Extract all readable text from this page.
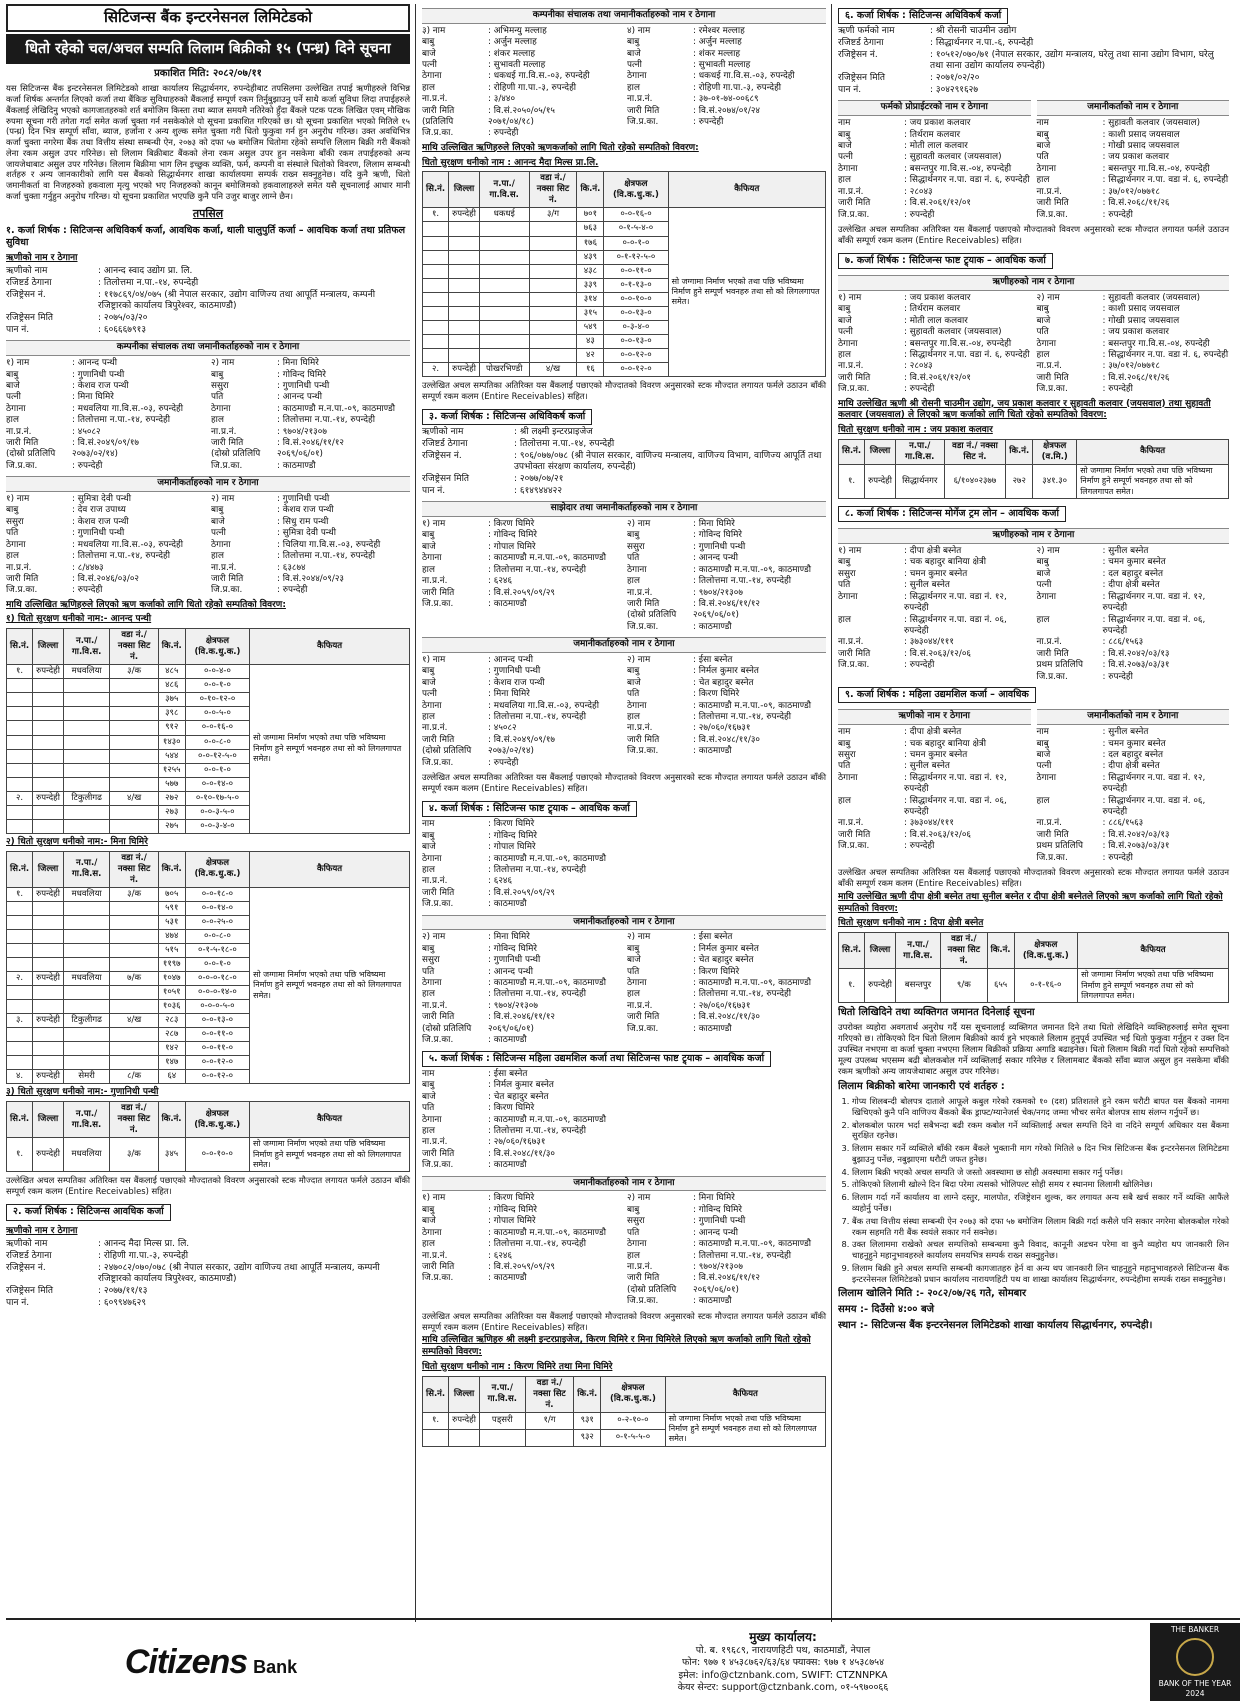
सिटिजन्स बैंक इन्टरनेसनल लिमिटेडको
धितो रहेको चल/अचल सम्पति लिलाम बिक्रीको १५ (पन्ध्र) दिने सूचना
प्रकाशित मिति: २०८२/०७/११
यस सिटिजन्स बैंक इन्टरनेसनल लिमिटेडको शाखा कार्यालय सिद्धार्थनगर, रुपन्देहीबाट तपसिलमा उल्लेखित तपाई ऋणीहरुले विभिन्न कर्जा शिर्षक अन्तर्गत लिएको कर्जा तथा बैंकिङ सुविधाहरुको बैंकलाई सम्पूर्ण रकम तिर्नुबुझाउनु पर्ने साथै कर्जा सुविधा लिदा तपाईहरुले बैंकलाई लेखिदिनु भएको कागजातहरुको शर्त बमोजिम किस्ता तथा ब्याज समयमै नतिरेको हुँदा बैंकले पटक पटक लिखित एवम् मौखिक रुपमा सूचना गरी तगेता गर्दा समेत कर्जा चुक्ता गर्न नसकेकोले यो सूचना प्रकाशित गरिएको छ। यो सूचना प्रकाशित भएको मितिले १५ (पन्ध्र) दिन भित्र सम्पूर्ण साँवा, ब्याज, हर्जाना र अन्य शुल्क समेत चुक्ता गरी धितो फुकुवा गर्न हुन अनुरोध गरिन्छ। उक्त अवधिभित्र कर्जा चुक्ता नगरेमा बैंक तथा वित्तीय संस्था सम्बन्धी ऐन, २०७३ को दफा ५७ बमोजिम धितोमा रहेको सम्पत्ति लिलाम बिक्री गरी बैंकको लेना रकम असुल उपर गरिनेछ। सो लिलाम बिक्रीबाट बैंकको लेना रकम असुल उपर हुन नसकेमा बाँकी रकम तपाईहरुको अन्य जायजेथाबाट असुल उपर गरिनेछ। लिलाम बिक्रीमा भाग लिन इच्छुक व्यक्ति, फर्म, कम्पनी वा संस्थाले धितोको विवरण, लिलाम सम्बन्धी शर्तहरु र अन्य जानकारीको लागि यस बैंकको सिद्धार्थनगर शाखा कार्यालयमा सम्पर्क राख्न सक्नुहुनेछ। यदि कुनै ऋणी, धितो जमानीकर्ता वा निजहरुको हकवाला मृत्यु भएको भए निजहरुको कानून बमोजिमको हकवालाहरुले समेत यसै सूचनालाई आधार मानी कर्जा चुक्ता गर्नुहुन अनुरोध गरिन्छ। यो सूचना प्रकाशित भएपछि कुनै पनि उजुर बाजुर लाग्ने छैन।
तपसिल
१. कर्जा शिर्षक : सिटिजन्स अधिविकर्ष कर्जा, आवधिक कर्जा, थाली घालुपुर्ति कर्जा – आवधिक कर्जा तथा प्रतिफल सुविधा
ऋणीको नाम र ठेगाना
ऋणीको नाम	: आनन्द स्वाद उद्योग प्रा. लि.
रजिष्टर्ड ठेगाना	: तिलोत्तमा न.पा.-१४, रुपन्देही
रजिष्ट्रेसन नं.	: ११७८६९/०४/०७५ (श्री नेपाल सरकार, उद्योग वाणिज्य तथा आपूर्ति मन्त्रालय, कम्पनी रजिष्ट्रारको कार्यालय त्रिपुरेश्वर, काठमाण्डौ)
रजिष्ट्रेसन मिति	: २०७५/०३/२०
पान नं.	: ६०६६६७९१३
कम्पनीका संचालक तथा जमानीकर्ताहरुको नाम र ठेगाना
१) नाम	: आनन्द पन्थी
बाबु	: गुणानिधी पन्थी
बाजे	: केशव राज पन्थी
पत्नी	: मिना घिमिरे
ठेगाना	: मधवलिया गा.वि.स.-०३, रुपन्देही
हाल	: तिलोत्तमा न.पा.-१४, रुपन्देही
ना.प्र.नं.	: ४५०८२
जारी मिति	: वि.सं.२०४९/०९/१७
(दोस्रो प्रतिलिपि	२०७३/०२/१४)
जि.प्र.का.	: रुपन्देही
२) नाम	: मिना घिमिरे
बाबु	: गोविन्द घिमिरे
ससुरा	: गुणानिधी पन्थी
पति	: आनन्द पन्थी
ठेगाना	: काठमाण्डौ म.न.पा.-०९, काठमाण्डौ
हाल	: तिलोत्तमा न.पा.-१४, रुपन्देही
ना.प्र.नं.	: ९७०४/२१३०७
जारी मिति	: वि.सं.२०४६/११/१२
(दोस्रो प्रतिलिपि	२०६९/०६/०१)
जि.प्र.का.	: काठमाण्डौ
जमानीकर्ताहरुको नाम र ठेगाना
१) नाम	: सुमित्रा देवी पन्थी
बाबु	: देव राज उपाध्य
ससुरा	: केशव राज पन्थी
पति	: गुणानिधी पन्थी
ठेगाना	: मधवलिया गा.वि.स.-०३, रुपन्देही
हाल	: तिलोत्तमा न.पा.-१४, रुपन्देही
ना.प्र.नं.	: ८/४४७३
जारी मिति	: वि.सं.२०४६/०३/०२
जि.प्र.का.	: रुपन्देही
२) नाम	: गुणानिधी पन्थी
बाबु	: केशव राज पन्थी
बाजे	: सिधु राम पन्थी
पत्नी	: सुमित्रा देवी पन्थी
ठेगाना	: चिलिया गा.वि.स.-०३, रुपन्देही
हाल	: तिलोत्तमा न.पा.-१४, रुपन्देही
ना.प्र.नं.	: ६३८७४
जारी मिति	: वि.सं.२०४४/०९/२३
जि.प्र.का.	: रुपन्देही
माथि उल्लिखित ऋणिहरुले लिएको ऋण कर्जाको लागि धितो रहेको सम्पतिको विवरण:
१) धितो सुरक्षण धनीको नाम:- आनन्द पन्थी
सि.नं.	जिल्ला	न.पा./गा.वि.स.	वडा नं./ नक्सा सिट नं.	कि.नं.	क्षेत्रफल (वि.क.धु.क.)	कैफियत
१.	रुपन्देही	मधवलिया	३/क	४८५	०-०-४-०	सो जग्गामा निर्माण भएको तथा पछि भविष्यमा निर्माण हुने सम्पूर्ण भवनहरु तथा सो को लिगलगापत समेत।
				४८६	०-०-१-०	
				३७५	०-१०-१२-०	
				३९८	०-०-५-०	
				९१२	०-०-१६-०	
				१४३०	०-०-८-०	
				५४४	०-०-१२-५-०	
				१२५५	०-०-१-०	
				५७७	०-०-१४-०	
२.	रुपन्देही	टिकुलीगढ	४/ख	२७२	०-१०-१७-५-०	
				२७३	०-०-३-५-०	
				२७५	०-०-३-४-०	
२) धितो सुरक्षण धनीको नाम:- मिना घिमिरे
सि.नं.	जिल्ला	न.पा./गा.वि.स.	वडा नं./ नक्सा सिट नं.	कि.नं.	क्षेत्रफल (वि.क.धु.क.)	कैफियत
१.	रुपन्देही	मधवलिया	३/क	७०५	०-०-१८-०	सो जग्गामा निर्माण भएको तथा पछि भविष्यमा निर्माण हुने सम्पूर्ण भवनहरु तथा सो को लिगलगापत समेत।
				५९१	०-०-१४-०	
				५३१	०-०-२५-०	
				४७४	०-०-८-०	
				५१५	०-१-५-१८-०	
				११९७	०-०-१-०	
२.	रुपन्देही	मधवलिया	७/क	१०४७	०-०-०-१८-०	
				१०५१	०-०-०-१४-०	
				१०३६	०-०-०-५-०	
३.	रुपन्देही	टिकुलीगढ	४/ख	२८३	०-०-१३-०	
				२८७	०-०-११-०	
				१४२	०-०-११-०	
				१४७	०-०-१२-०	
४.	रुपन्देही	सेमरी	८/क	६४	०-०-१२-०	
३) धितो सुरक्षण धनीको नाम:- गुणानिधी पन्थी
सि.नं.	जिल्ला	न.पा./गा.वि.स.	वडा नं./ नक्सा सिट नं.	कि.नं.	क्षेत्रफल (वि.क.धु.क.)	कैफियत
१.	रुपन्देही	मधवलिया	३/क	३४५	०-०-१०-०	सो जग्गामा निर्माण भएको तथा पछि भविष्यमा निर्माण हुने सम्पूर्ण भवनहरु तथा सो को लिगलगापत समेत।
उल्लेखित अचल सम्पतिका अतिरिक्त यस बैंकलाई पछाएको मौज्दातको विवरण अनुसारको स्टक मौज्दात लगायत फर्मले उठाउन बाँकी सम्पूर्ण रकम कलम (Entire Receivables) सहित।
२. कर्जा शिर्षक : सिटिजन्स आवधिक कर्जा
ऋणीको नाम र ठेगाना
ऋणीको नाम	: आनन्द मैदा मिल्स प्रा. लि.
रजिष्टर्ड ठेगाना	: रोहिणी गा.पा.-३, रुपन्देही
रजिष्ट्रेसन नं.	: २४७०८२/०७०/०७८ (श्री नेपाल सरकार, उद्योग वाणिज्य तथा आपूर्ति मन्त्रालय, कम्पनी रजिष्ट्रारको कार्यालय त्रिपुरेश्वर, काठमाण्डौ)
रजिष्ट्रेसन मिति	: २०७७/११/१३
पान नं.	: ६०९९४७६२९
कम्पनीका संचालक तथा जमानीकर्ताहरुको नाम र ठेगाना
३) नाम	: अभिमन्यु मल्लाह
बाबु	: अर्जुन मल्लाह
बाजे	: शंकर मल्लाह
पत्नी	: सुभावती मल्लाह
ठेगाना	: धकधई गा.वि.स.-०३, रुपन्देही
हाल	: रोहिणी गा.पा.-३, रुपन्देही
ना.प्र.नं.	: ३/४४०
जारी मिति	: वि.सं.२०५०/०५/१५
(प्रतिलिपि	२०७१/०४/१८)
जि.प्र.का.	: रुपन्देही
४) नाम	: रमेश्वर मल्लाह
बाबु	: अर्जुन मल्लाह
बाजे	: शंकर मल्लाह
पत्नी	: सुभावती मल्लाह
ठेगाना	: धकधई गा.वि.स.-०३, रुपन्देही
हाल	: रोहिणी गा.पा.-३, रुपन्देही
ना.प्र.नं.	: ३७-०१-७४-००६८९
जारी मिति	: वि.सं.२०७४/०१/२४
जि.प्र.का.	: रुपन्देही
माथि उल्लिखित ऋणिहरुले लिएको ऋणकर्जाको लागि धितो रहेको सम्पतिको विवरण:
धितो सुरक्षण धनीको नाम : आनन्द मैदा मिल्स प्रा.लि.
सि.नं.	जिल्ला	न.पा./गा.वि.स.	वडा नं./ नक्सा सिट नं.	कि.नं.	क्षेत्रफल (वि.क.धु.क.)	कैफियत
१.	रुपन्देही	धकधई	३/ग	७०१	०-०-१६-०	सो जग्गामा निर्माण भएको तथा पछि भविष्यमा निर्माण हुने सम्पूर्ण भवनहरु तथा सो को लिगलगापत समेत।
				७६३	०-१-५-४-०	
				१७६	०-०-१-०	
				४३९	०-१-१२-५-०	
				४३८	०-०-११-०	
				३३९	०-१-१३-०	
				३१४	०-०-१०-०	
				३१५	०-०-१३-०	
				५४९	०-३-४-०	
				४३	०-०-१३-०	
				४२	०-०-१२-०	
२.	रुपन्देही	पोखरभिण्डी	४/ख	१६	०-०-१२-०	
उल्लेखित अचल सम्पतिका अतिरिक्त यस बैंकलाई पछाएको मौज्दातको विवरण अनुसारको स्टक मौज्दात लगायत फर्मले उठाउन बाँकी सम्पूर्ण रकम कलम (Entire Receivables) सहित।
३. कर्जा शिर्षक : सिटिजन्स अधिविकर्ष कर्जा
ऋणीको नाम	: श्री लक्ष्मी इन्टरप्राइजेज
रजिष्टर्ड ठेगाना	: तिलोत्तमा न.पा.-१४, रुपन्देही
रजिष्ट्रेसन नं.	: ९०६/०७७/०७८ (श्री नेपाल सरकार, वाणिज्य मन्त्रालय, वाणिज्य विभाग, वाणिज्य आपूर्ति तथा उपभोक्ता संरक्षण कार्यालय, रुपन्देही)
रजिष्ट्रेसन मिति	: २०७७/०७/२१
पान नं.	: ६१४९४४४२२
साझेदार तथा जमानीकर्ताहरुको नाम र ठेगाना
१) नाम	: किरण घिमिरे
बाबु	: गोविन्द घिमिरे
बाजे	: गोपाल घिमिरे
ठेगाना	: काठमाण्डौ म.न.पा.-०९, काठमाण्डौ
हाल	: तिलोत्तमा न.पा.-१४, रुपन्देही
ना.प्र.नं.	: ६२४६
जारी मिति	: वि.सं.२०५९/०९/२९
जि.प्र.का.	: काठमाण्डौ
२) नाम	: मिना घिमिरे
बाबु	: गोविन्द घिमिरे
ससुरा	: गुणानिधी पन्थी
पति	: आनन्द पन्थी
ठेगाना	: काठमाण्डौ म.न.पा.-०९, काठमाण्डौ
हाल	: तिलोत्तमा न.पा.-१४, रुपन्देही
ना.प्र.नं.	: ९७०४/२१३०७
जारी मिति	: वि.सं.२०४६/११/१२
(दोस्रो प्रतिलिपि	२०६९/०६/०१)
जि.प्र.का.	: काठमाण्डौ
जमानीकर्ताहरुको नाम र ठेगाना
१) नाम	: आनन्द पन्थी
बाबु	: गुणानिधी पन्थी
बाजे	: केशव राज पन्थी
पत्नी	: मिना घिमिरे
ठेगाना	: मधवलिया गा.वि.स.-०३, रुपन्देही
हाल	: तिलोत्तमा न.पा.-१४, रुपन्देही
ना.प्र.नं.	: ४५०८२
जारी मिति	: वि.सं.२०४९/०९/१७
(दोस्रो प्रतिलिपि	२०७३/०२/१४)
जि.प्र.का.	: रुपन्देही
२) नाम	: ईसा बस्नेत
बाबु	: निर्मल कुमार बस्नेत
बाजे	: चेत बहादुर बस्नेत
पति	: किरण घिमिरे
ठेगाना	: काठमाण्डौ म.न.पा.-०९, काठमाण्डौ
हाल	: तिलोत्तमा न.पा.-१४, रुपन्देही
ना.प्र.नं.	: २७/०६०/१६७३१
जारी मिति	: वि.सं.२०४८/११/३०
जि.प्र.का.	: काठमाण्डौ
उल्लेखित अचल सम्पतिका अतिरिक्त यस बैंकलाई पछाएको मौज्दातको विवरण अनुसारको स्टक मौज्दात लगायत फर्मले उठाउन बाँकी सम्पूर्ण रकम कलम (Entire Receivables) सहित।
४. कर्जा शिर्षक : सिटिजन्स फाष्ट ट्र्याक – आवधिक कर्जा
नाम	: किरण घिमिरे
बाबु	: गोविन्द घिमिरे
बाजे	: गोपाल घिमिरे
ठेगाना	: काठमाण्डौ म.न.पा.-०९, काठमाण्डौ
हाल	: तिलोत्तमा न.पा.-१४, रुपन्देही
ना.प्र.नं.	: ६२४६
जारी मिति	: वि.सं.२०५९/०९/२९
जि.प्र.का.	: काठमाण्डौ
जमानीकर्ताहरुको नाम र ठेगाना
२) नाम	: मिना घिमिरे
बाबु	: गोविन्द घिमिरे
ससुरा	: गुणानिधी पन्थी
पति	: आनन्द पन्थी
ठेगाना	: काठमाण्डौ म.न.पा.-०९, काठमाण्डौ
हाल	: तिलोत्तमा न.पा.-१४, रुपन्देही
ना.प्र.नं.	: ९७०४/२१३०७
जारी मिति	: वि.सं.२०४६/११/१२
(दोस्रो प्रतिलिपि	२०६९/०६/०१)
जि.प्र.का.	: काठमाण्डौ
२) नाम	: ईसा बस्नेत
बाबु	: निर्मल कुमार बस्नेत
बाजे	: चेत बहादुर बस्नेत
पति	: किरण घिमिरे
ठेगाना	: काठमाण्डौ म.न.पा.-०९, काठमाण्डौ
हाल	: तिलोत्तमा न.पा.-१४, रुपन्देही
ना.प्र.नं.	: २७/०६०/१६७३१
जारी मिति	: वि.सं.२०४८/११/३०
जि.प्र.का.	: काठमाण्डौ
५. कर्जा शिर्षक : सिटिजन्स महिला उद्यमशिल कर्जा तथा सिटिजन्स फाष्ट ट्र्याक – आवधिक कर्जा
नाम	: ईसा बस्नेत
बाबु	: निर्मल कुमार बस्नेत
बाजे	: चेत बहादुर बस्नेत
पति	: किरण घिमिरे
ठेगाना	: काठमाण्डौ म.न.पा.-०९, काठमाण्डौ
हाल	: तिलोत्तमा न.पा.-१४, रुपन्देही
ना.प्र.नं.	: २७/०६०/१६७३१
जारी मिति	: वि.सं.२०४८/११/३०
जि.प्र.का.	: काठमाण्डौ
जमानीकर्ताहरुको नाम र ठेगाना
१) नाम	: किरण घिमिरे
बाबु	: गोविन्द घिमिरे
बाजे	: गोपाल घिमिरे
ठेगाना	: काठमाण्डौ म.न.पा.-०९, काठमाण्डौ
हाल	: तिलोत्तमा न.पा.-१४, रुपन्देही
ना.प्र.नं.	: ६२४६
जारी मिति	: वि.सं.२०५९/०९/२९
जि.प्र.का.	: काठमाण्डौ
२) नाम	: मिना घिमिरे
बाबु	: गोविन्द घिमिरे
ससुरा	: गुणानिधी पन्थी
पति	: आनन्द पन्थी
ठेगाना	: काठमाण्डौ म.न.पा.-०९, काठमाण्डौ
हाल	: तिलोत्तमा न.पा.-१४, रुपन्देही
ना.प्र.नं.	: ९७०४/२१३०७
जारी मिति	: वि.सं.२०४६/११/१२
(दोस्रो प्रतिलिपि	२०६९/०६/०१)
जि.प्र.का.	: काठमाण्डौ
उल्लेखित अचल सम्पतिका अतिरिक्त यस बैंकलाई पछाएको मौज्दातको विवरण अनुसारको स्टक मौज्दात लगायत फर्मले उठाउन बाँकी सम्पूर्ण रकम कलम (Entire Receivables) सहित।
माथि उल्लिखित ऋणिहरु श्री लक्ष्मी इन्टरप्राइजेज, किरण घिमिरे र मिना घिमिरेले लिएको ऋण कर्जाको लागि धितो रहेको सम्पतिको विवरण:
धितो सुरक्षण धनीको नाम : किरण घिमिरे तथा मिना घिमिरे
सि.नं.	जिल्ला	न.पा./गा.वि.स.	वडा नं./ नक्सा सिट नं.	कि.नं.	क्षेत्रफल (वि.क.धु.क.)	कैफियत
१.	रुपन्देही	पड्सरी	१/ग	९३१	०-२-१०-०	सो जग्गामा निर्माण भएको तथा पछि भविष्यमा निर्माण हुने सम्पूर्ण भवनहरु तथा सो को लिगलगापत समेत।
				९३२	०-१-५-५-०	
६. कर्जा शिर्षक : सिटिजन्स अधिविकर्ष कर्जा
ऋणी फर्मको नाम	: श्री रोसनी चाउमीन उद्योग
रजिष्टर्ड ठेगाना	: सिद्धार्थनगर न.पा.-६, रुपन्देही
रजिष्ट्रेसन नं.	: १०५१२/०७०/७१ (नेपाल सरकार, उद्योग मन्त्रालय, घरेलु तथा साना उद्योग विभाग, घरेलु तथा साना उद्योग कार्यालय रुपन्देही)
रजिष्ट्रेसन मिति	: २०७१/०२/२०
पान नं.	: ३०४२९१६२७
फर्मको प्रोप्राईटरको नाम र ठेगाना	जमानीकर्ताको नाम र ठेगाना
नाम	: जय प्रकाश कलवार
बाबु	: तिर्थराम कलवार
बाजे	: मोती लाल कलवार
पत्नी	: सुहावती कलवार (जयसवाल)
ठेगाना	: बसन्तपुर गा.वि.स.-०४, रुपन्देही
हाल	: सिद्धार्थनगर न.पा. वडा नं. ६, रुपन्देही
ना.प्र.नं.	: २८०४३
जारी मिति	: वि.सं.२०६१/१२/०१
जि.प्र.का.	: रुपन्देही
नाम	: सुहावती कलवार (जयसवाल)
बाबु	: काशी प्रसाद जयसवाल
बाजे	: गोखी प्रसाद जयसवाल
पति	: जय प्रकाश कलवार
ठेगाना	: बसन्तपुर गा.वि.स.-०४, रुपन्देही
हाल	: सिद्धार्थनगर न.पा. वडा नं. ६, रुपन्देही
ना.प्र.नं.	: ३७/०१२/०७७१८
जारी मिति	: वि.सं.२०६८/११/२६
जि.प्र.का.	: रुपन्देही
उल्लेखित अचल सम्पतिका अतिरिक्त यस बैंकलाई पछाएको मौज्दातको विवरण अनुसारको स्टक मौज्दात लगायत फर्मले उठाउन बाँकी सम्पूर्ण रकम कलम (Entire Receivables) सहित।
७. कर्जा शिर्षक : सिटिजन्स फाष्ट ट्र्याक – आवधिक कर्जा
ऋणीहरुको नाम र ठेगाना
१) नाम	: जय प्रकाश कलवार
बाबु	: तिर्थराम कलवार
बाजे	: मोती लाल कलवार
पत्नी	: सुहावती कलवार (जयसवाल)
ठेगाना	: बसन्तपुर गा.वि.स.-०४, रुपन्देही
हाल	: सिद्धार्थनगर न.पा. वडा नं. ६, रुपन्देही
ना.प्र.नं.	: २८०४३
जारी मिति	: वि.सं.२०६१/१२/०१
जि.प्र.का.	: रुपन्देही
२) नाम	: सुहावती कलवार (जयसवाल)
बाबु	: काशी प्रसाद जयसवाल
बाजे	: गोखी प्रसाद जयसवाल
पति	: जय प्रकाश कलवार
ठेगाना	: बसन्तपुर गा.वि.स.-०४, रुपन्देही
हाल	: सिद्धार्थनगर न.पा. वडा नं. ६, रुपन्देही
ना.प्र.नं.	: ३७/०१२/०७७१८
जारी मिति	: वि.सं.२०६८/११/२६
जि.प्र.का.	: रुपन्देही
माथि उल्लेखित ऋणी श्री रोसनी चाउमीन उद्योग, जय प्रकाश कलवार र सुहावती कलवार (जयसवाल) तथा सुहावती कलवार (जयसवाल) ले लिएको ऋण कर्जाको लागि धितो रहेको सम्पतिको विवरण:
धितो सुरक्षण धनीको नाम : जय प्रकाश कलवार
सि.नं.	जिल्ला	न.पा./गा.वि.स.	वडा नं./ नक्सा सिट नं.	कि.नं.	क्षेत्रफल (व.मि.)	कैफियत
१.	रुपन्देही	सिद्धार्थनगर	६/१०४०२३७७	२७२	३४१.३०	सो जग्गामा निर्माण भएको तथा पछि भविष्यमा निर्माण हुने सम्पूर्ण भवनहरु तथा सो को लिगलगापत समेत।
८. कर्जा शिर्षक : सिटिजन्स मोर्गेज ट्रम लोन – आवधिक कर्जा
ऋणीहरुको नाम र ठेगाना
१) नाम	: दीपा क्षेत्री बस्नेत
बाबु	: चक बहादुर बानिया क्षेत्री
ससुरा	: चमन कुमार बस्नेत
पति	: सुनील बस्नेत
ठेगाना	: सिद्धार्थनगर न.पा. वडा नं. १२, रुपन्देही
हाल	: सिद्धार्थनगर न.पा. वडा नं. ०६, रुपन्देही
ना.प्र.नं.	: ३७३०४४/१११
जारी मिति	: वि.सं.२०६३/१२/०६
जि.प्र.का.	: रुपन्देही
२) नाम	: सुनील बस्नेत
बाबु	: चमन कुमार बस्नेत
बाजे	: दल बहादुर बस्नेत
पत्नी	: दीपा क्षेत्री बस्नेत
ठेगाना	: सिद्धार्थनगर न.पा. वडा नं. १२, रुपन्देही
हाल	: सिद्धार्थनगर न.पा. वडा नं. ०६, रुपन्देही
ना.प्र.नं.	: ८८६/१५६३
जारी मिति	: वि.सं.२०४२/०३/१३
प्रथम प्रतिलिपि	: वि.सं.२०७३/०३/३१
जि.प्र.का.	: रुपन्देही
९. कर्जा शिर्षक : महिला उद्यमशिल कर्जा – आवधिक
ऋणीको नाम र ठेगाना	जमानीकर्ताको नाम र ठेगाना
नाम	: दीपा क्षेत्री बस्नेत
बाबु	: चक बहादुर बानिया क्षेत्री
ससुरा	: चमन कुमार बस्नेत
पति	: सुनील बस्नेत
ठेगाना	: सिद्धार्थनगर न.पा. वडा नं. १२, रुपन्देही
हाल	: सिद्धार्थनगर न.पा. वडा नं. ०६, रुपन्देही
ना.प्र.नं.	: ३७३०४४/१११
जारी मिति	: वि.सं.२०६३/१२/०६
जि.प्र.का.	: रुपन्देही
नाम	: सुनील बस्नेत
बाबु	: चमन कुमार बस्नेत
बाजे	: दल बहादुर बस्नेत
पत्नी	: दीपा क्षेत्री बस्नेत
ठेगाना	: सिद्धार्थनगर न.पा. वडा नं. १२, रुपन्देही
हाल	: सिद्धार्थनगर न.पा. वडा नं. ०६, रुपन्देही
ना.प्र.नं.	: ८८६/१५६३
जारी मिति	: वि.सं.२०४२/०३/१३
प्रथम प्रतिलिपि	: वि.सं.२०७३/०३/३१
जि.प्र.का.	: रुपन्देही
उल्लेखित अचल सम्पतिका अतिरिक्त यस बैंकलाई पछाएको मौज्दातको विवरण अनुसारको स्टक मौज्दात लगायत फर्मले उठाउन बाँकी सम्पूर्ण रकम कलम (Entire Receivables) सहित।
माथि उल्लेखित ऋणी दीपा क्षेत्री बस्नेत तथा सुनील बस्नेत र दीपा क्षेत्री बस्नेतले लिएको ऋण कर्जाको लागि धितो रहेको सम्पतिको विवरण:
धितो सुरक्षण धनीको नाम : दिपा क्षेत्री बस्नेत
सि.नं.	जिल्ला	न.पा./गा.वि.स.	वडा नं./ नक्सा सिट नं.	कि.नं.	क्षेत्रफल (वि.क.धु.क.)	कैफियत
१.	रुपन्देही	बसन्तपुर	९/क	६५५	०-१-१६-०	सो जग्गामा निर्माण भएको तथा पछि भविष्यमा निर्माण हुने सम्पूर्ण भवनहरु तथा सो को लिगलगापत समेत।
धितो लिखिदिने तथा व्यक्तिगत जमानत दिनेलाई सूचना
उपरोक्त व्यहोरा अवगतार्थ अनुरोध गर्दै यस सूचनालाई व्यक्तिगत जमानत दिने तथा धितो लेखिदिने व्यक्तिहरुलाई समेत सूचना गरिएको छ। तोकिएको दिन धितो लिलाम बिक्रीको कार्य हुने भएकाले लिलाम हुनुपूर्व उपस्थित भई धितो फुकुवा गर्नुहुन र उक्त दिन उपस्थित नभएमा वा कर्जा चुक्ता नभएमा लिलाम बिक्रीको प्रक्रिया अगाडि बढाइनेछ। धितो लिलाम बिक्री गर्दा धितो रहेको सम्पत्तिको मूल्य उपलब्ध भएसम्म बढी बोलकबोल गर्ने व्यक्तिलाई सकार गरिनेछ र लिलामबाट बैंकको साँवा ब्याज असुल हुन नसकेमा बाँकी रकम ऋणीको अन्य जायजेथाबाट असुल उपर गरिनेछ।
लिलाम बिक्रीको बारेमा जानकारी एवं शर्तहरु :
1. गोप्य शिलबन्दी बोलपत्र दाताले आफूले कबुल गरेको रकमको १० (दश) प्रतिशतले हुने रकम धरौटी बापत यस बैंकको नाममा खिचिएको कुनै पनि वाणिज्य बैंकको बैंक ड्राफ्ट/म्यानेजर्स चेक/नगद जम्मा भौचर समेत बोलपत्र साथ संलग्न गर्नुपर्ने छ।
2. बोलकबोल फारम भर्दा सबैभन्दा बढी रकम कबोल गर्ने व्यक्तिलाई अचल सम्पत्ति दिने वा नदिने सम्पूर्ण अधिकार यस बैंकमा सुरक्षित रहनेछ।
3. लिलाम सकार गर्ने व्यक्तिले बाँकी रकम बैंकले भुक्तानी माग गरेको मितिले ७ दिन भित्र सिटिजन्स बैंक इन्टरनेसनल लिमिटेडमा बुझाउनु पर्नेछ, नबुझाएमा धरौटी जफत हुनेछ।
4. लिलाम बिक्री भएको अचल सम्पति जे जस्तो अवस्थामा छ सोही अवस्थामा सकार गर्नु पर्नेछ।
5. तोकिएको लिलामी खोल्ने दिन बिदा परेमा त्यसको भोलिपल्ट सोही समय र स्थानमा लिलामी खोलिनेछ।
6. लिलाम गर्दा गर्ने कार्यालय वा लाग्ने दस्तुर, मालपोत, रजिष्ट्रेशन शुल्क, कर लगायत अन्य सबै खर्च सकार गर्ने व्यक्ति आफैंले व्यहोर्नु पर्नेछ।
7. बैंक तथा वित्तीय संस्था सम्बन्धी ऐन २०७३ को दफा ५७ बमोजिम लिलाम बिक्री गर्दा कसैले पनि सकार नगरेमा बोलकबोल गरेको रकम सहमति गरी बैंक स्वयंले सकार गर्न सक्नेछ।
8. उक्त लिलाममा राखेको अचल सम्पत्तिको सम्बन्धमा कुनै विवाद, कानूनी अडचन परेमा वा कुनै व्यहोरा थप जानकारी लिन चाहनुहुने महानुभावहरुले कार्यालय समयभित्र सम्पर्क राख्न सक्नुहुनेछ।
9. लिलाम बिक्री हुने अचल सम्पत्ति सम्बन्धी कागजातहरु हेर्न वा अन्य थप जानकारी लिन चाहनुहुने महानुभावहरुले सिटिजन्स बैंक इन्टरनेसनल लिमिटेडको प्रधान कार्यालय नारायणहिटी पथ वा शाखा कार्यालय सिद्धार्थनगर, रुपन्देहीमा सम्पर्क राख्न सक्नुहुनेछ।
लिलाम खोलिने मिति :- २०८२/०७/२६ गते, सोमबार
समय :- दिउँसो ४:०० बजे
स्थान :- सिटिजन्स बैंक इन्टरनेसनल लिमिटेडको शाखा कार्यालय सिद्धार्थनगर, रुपन्देही।
Citizens Bank
मुख्य कार्यालय:
पो. ब. १९६८९, नारायणहिटी पथ, काठमाडौं, नेपाल
फोन: ९७७ १ ४५३८७६२/६३/६४ फ्याक्स: ९७७ १ ४५३८७५४
इमेल: info@ctznbank.com, SWIFT: CTZNNPKA
केयर सेन्टर: support@ctznbank.com, ०१-५९७००६६
THE BANKER
BANK OF THE YEAR
2024
